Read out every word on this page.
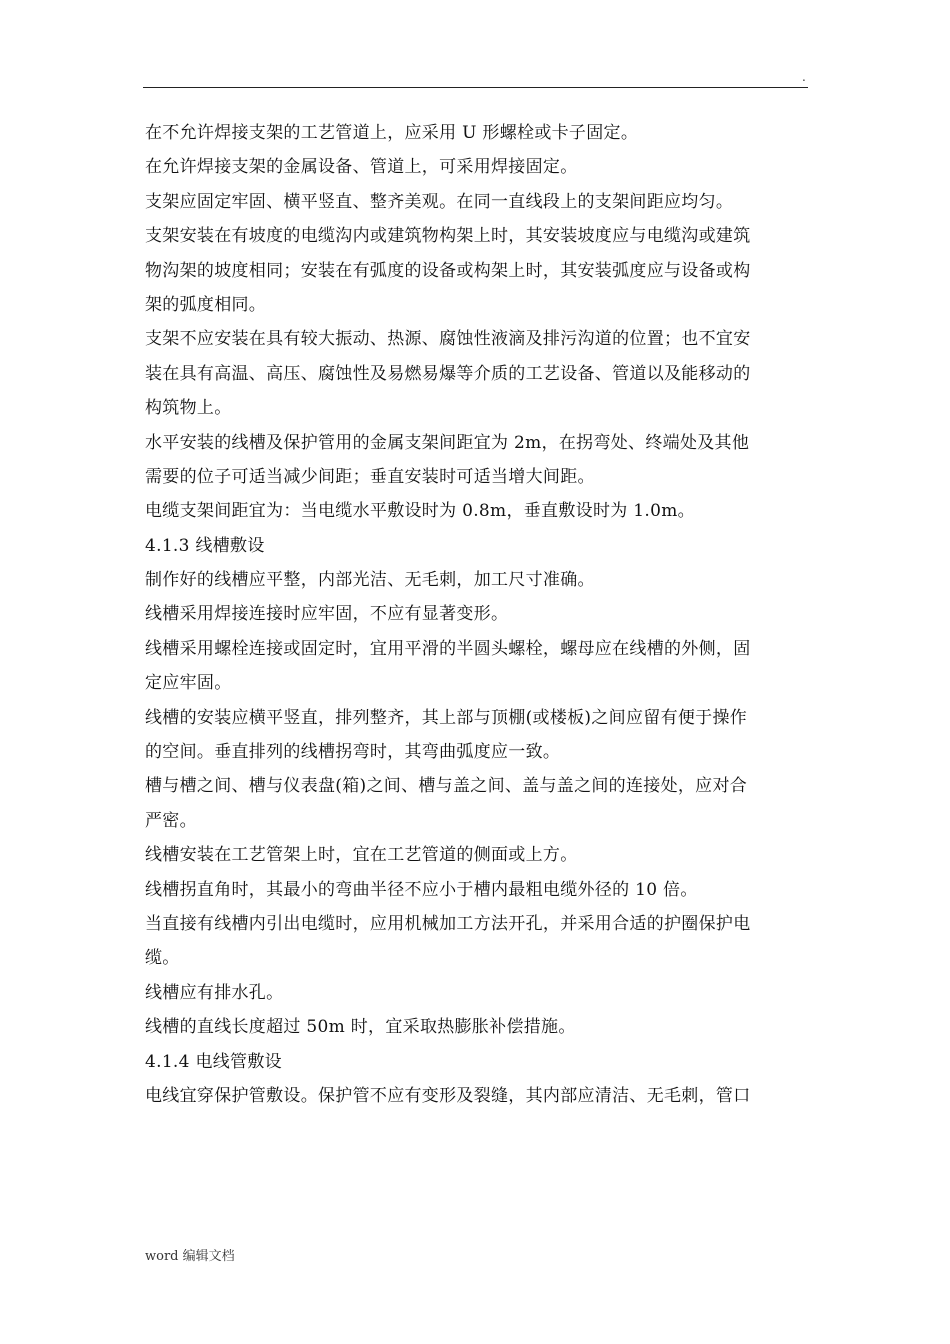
.
在不允许焊接支架的工艺管道上，应采用 U 形螺栓或卡子固定。
在允许焊接支架的金属设备、管道上，可采用焊接固定。
支架应固定牢固、横平竖直、整齐美观。在同一直线段上的支架间距应均匀。
支架安装在有坡度的电缆沟内或建筑物构架上时，其安装坡度应与电缆沟或建筑
物沟架的坡度相同；安装在有弧度的设备或构架上时，其安装弧度应与设备或构
架的弧度相同。
支架不应安装在具有较大振动、热源、腐蚀性液滴及排污沟道的位置；也不宜安
装在具有高温、高压、腐蚀性及易燃易爆等介质的工艺设备、管道以及能移动的
构筑物上。
水平安装的线槽及保护管用的金属支架间距宜为 2m，在拐弯处、终端处及其他
需要的位子可适当减少间距；垂直安装时可适当增大间距。
电缆支架间距宜为：当电缆水平敷设时为 0.8m，垂直敷设时为 1.0m。
4.1.3 线槽敷设
制作好的线槽应平整，内部光洁、无毛刺，加工尺寸准确。
线槽采用焊接连接时应牢固，不应有显著变形。
线槽采用螺栓连接或固定时，宜用平滑的半圆头螺栓，螺母应在线槽的外侧，固
定应牢固。
线槽的安装应横平竖直，排列整齐，其上部与顶棚(或楼板)之间应留有便于操作
的空间。垂直排列的线槽拐弯时，其弯曲弧度应一致。
槽与槽之间、槽与仪表盘(箱)之间、槽与盖之间、盖与盖之间的连接处，应对合
严密。
线槽安装在工艺管架上时，宜在工艺管道的侧面或上方。
线槽拐直角时，其最小的弯曲半径不应小于槽内最粗电缆外径的 10 倍。
当直接有线槽内引出电缆时，应用机械加工方法开孔，并采用合适的护圈保护电
缆。
线槽应有排水孔。
线槽的直线长度超过 50m 时，宜采取热膨胀补偿措施。
4.1.4 电线管敷设
电线宜穿保护管敷设。保护管不应有变形及裂缝，其内部应清洁、无毛刺，管口
word 编辑文档
